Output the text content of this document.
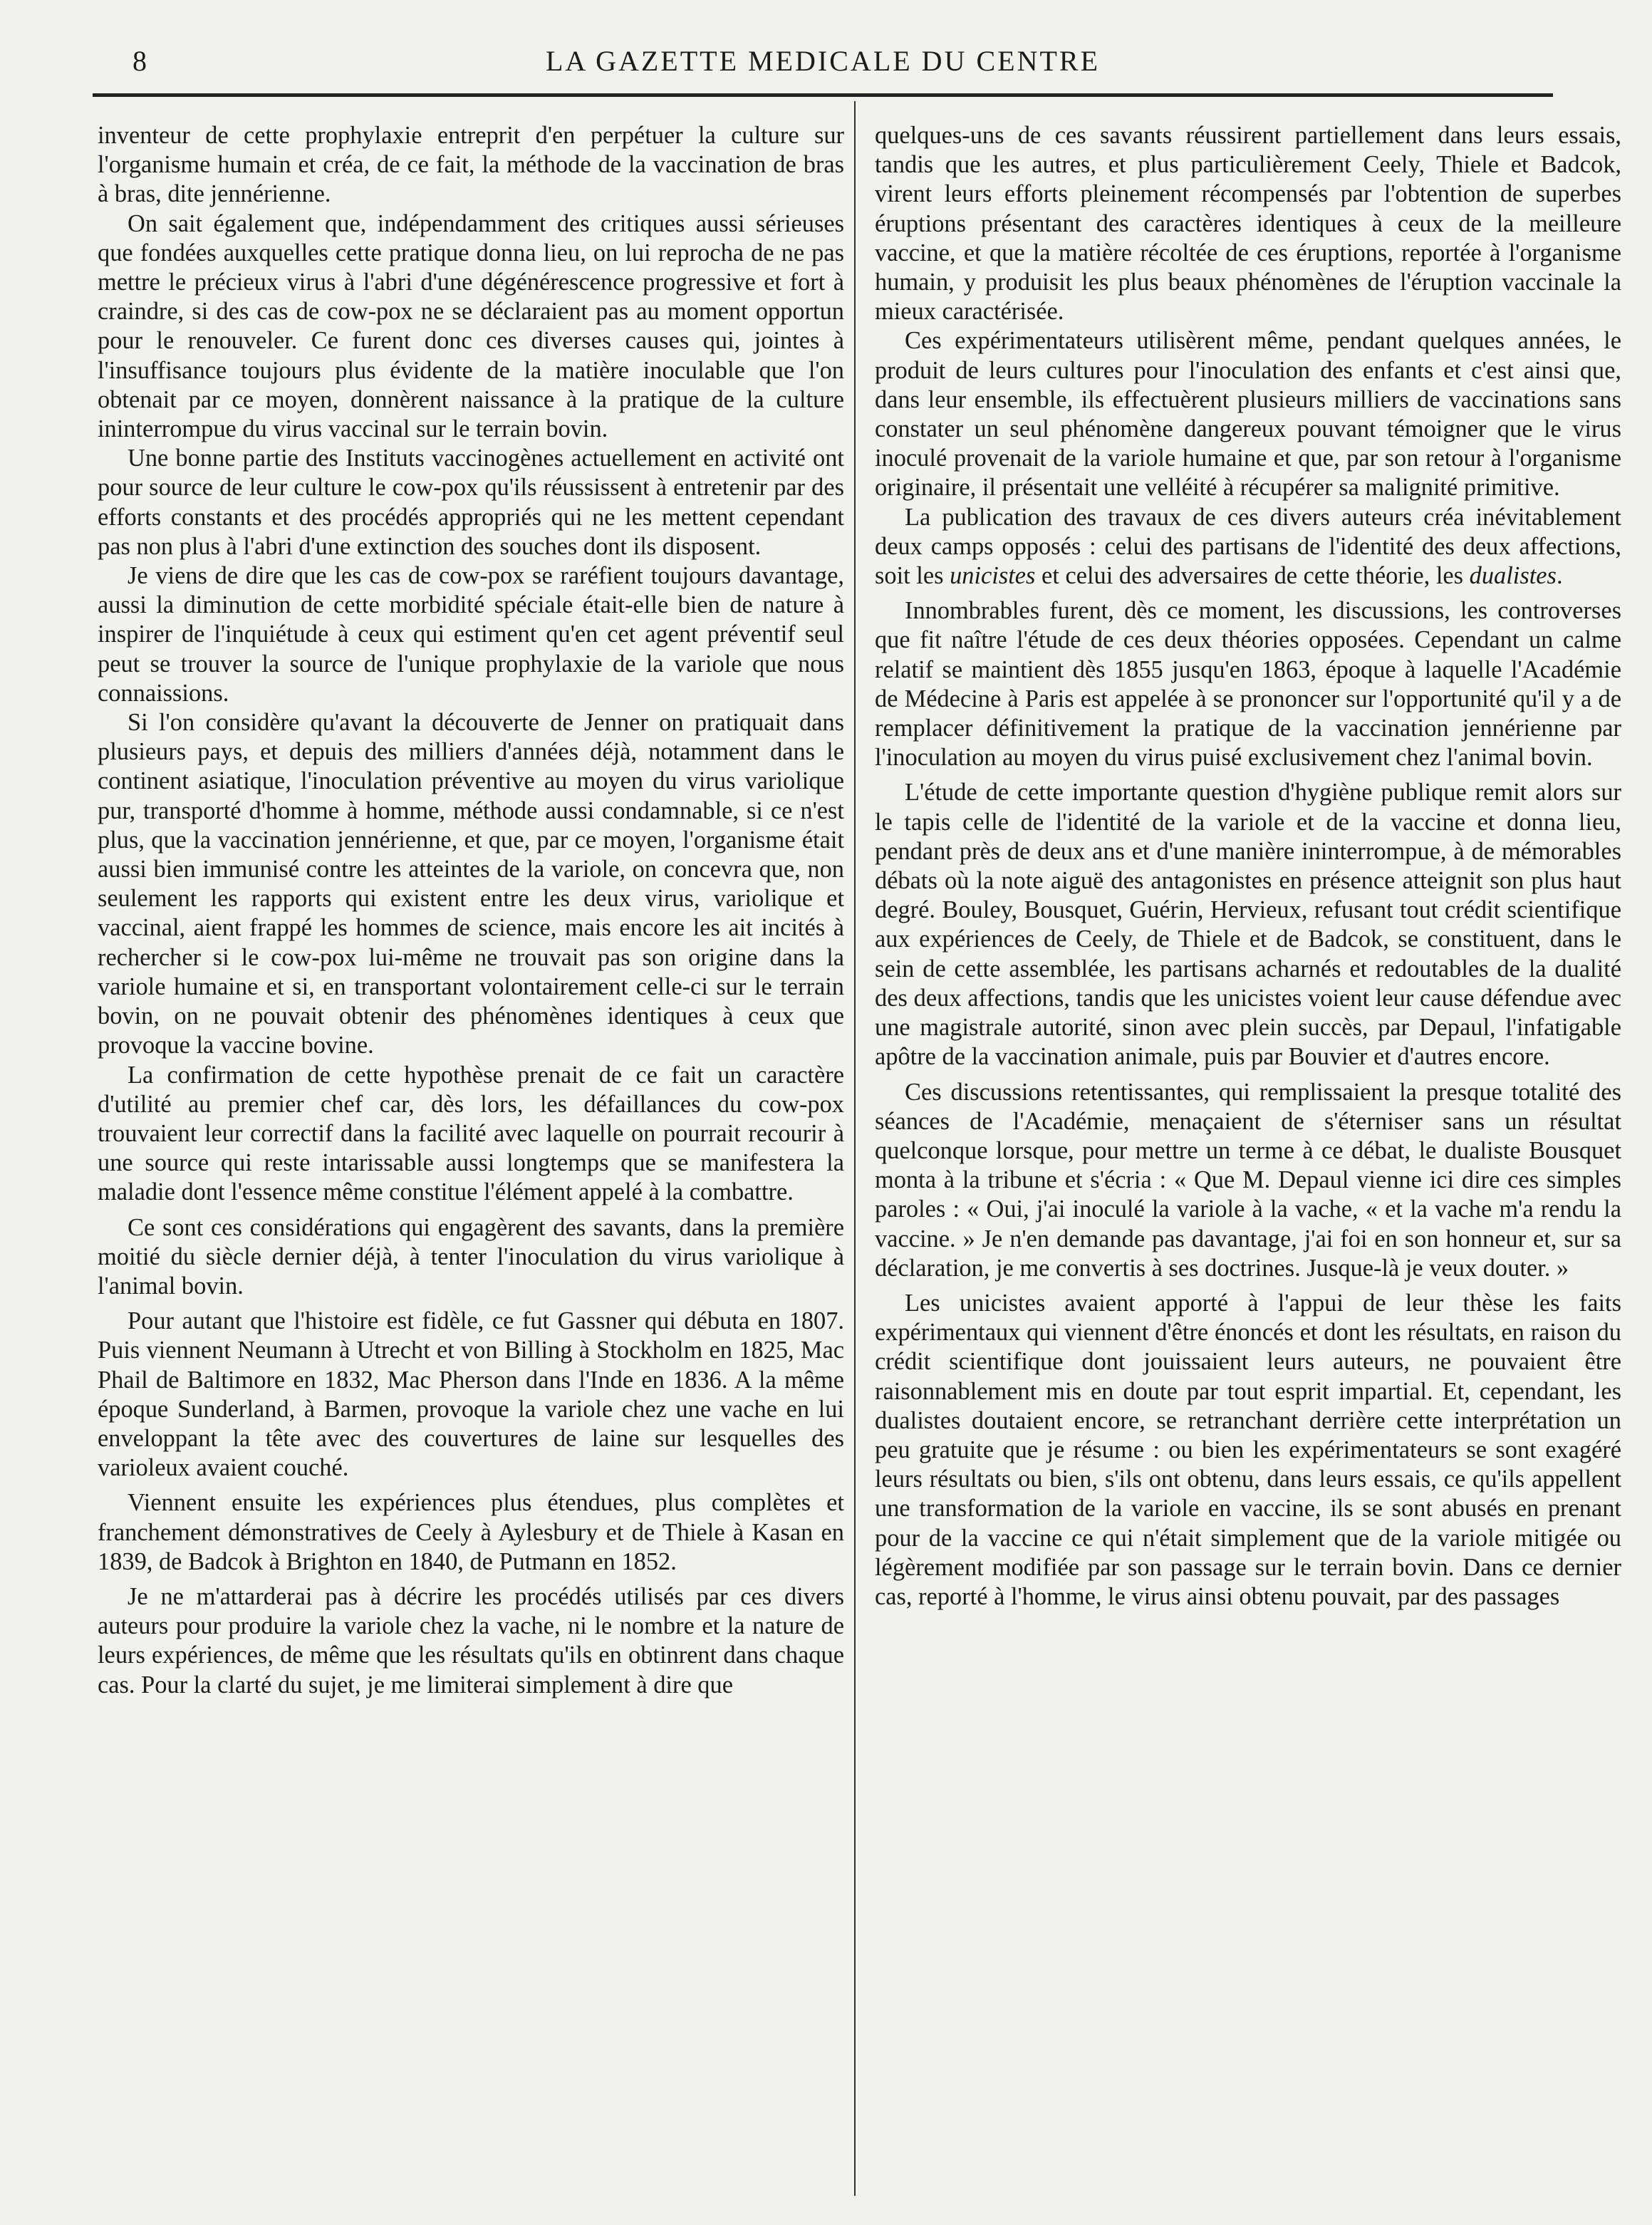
8	LA GAZETTE MEDICALE DU CENTRE

inventeur de cette prophylaxie entreprit d'en perpétuer la culture sur l'organisme humain et créa, de ce fait, la méthode de la vaccination de bras à bras, dite jennérienne.

On sait également que, indépendamment des critiques aussi sérieuses que fondées auxquelles cette pratique donna lieu, on lui reprocha de ne pas mettre le précieux virus à l'abri d'une dégénérescence progressive et fort à craindre, si des cas de cow-pox ne se déclaraient pas au moment opportun pour le renouveler. Ce furent donc ces diverses causes qui, jointes à l'insuffisance toujours plus évidente de la matière inoculable que l'on obtenait par ce moyen, donnèrent naissance à la pratique de la culture ininterrompue du virus vaccinal sur le terrain bovin.

Une bonne partie des Instituts vaccinogènes actuellement en activité ont pour source de leur culture le cow-pox qu'ils réussissent à entretenir par des efforts constants et des procédés appropriés qui ne les mettent cependant pas non plus à l'abri d'une extinction des souches dont ils disposent.

Je viens de dire que les cas de cow-pox se raréfient toujours davantage, aussi la diminution de cette morbidité spéciale était-elle bien de nature à inspirer de l'inquiétude à ceux qui estiment qu'en cet agent préventif seul peut se trouver la source de l'unique prophylaxie de la variole que nous connaissions.

Si l'on considère qu'avant la découverte de Jenner on pratiquait dans plusieurs pays, et depuis des milliers d'années déjà, notamment dans le continent asiatique, l'inoculation préventive au moyen du virus variolique pur, transporté d'homme à homme, méthode aussi condamnable, si ce n'est plus, que la vaccination jennérienne, et que, par ce moyen, l'organisme était aussi bien immunisé contre les atteintes de la variole, on concevra que, non seulement les rapports qui existent entre les deux virus, variolique et vaccinal, aient frappé les hommes de science, mais encore les ait incités à rechercher si le cow-pox lui-même ne trouvait pas son origine dans la variole humaine et si, en transportant volontairement celle-ci sur le terrain bovin, on ne pouvait obtenir des phénomènes identiques à ceux que provoque la vaccine bovine.

La confirmation de cette hypothèse prenait de ce fait un caractère d'utilité au premier chef car, dès lors, les défaillances du cow-pox trouvaient leur correctif dans la facilité avec laquelle on pourrait recourir à une source qui reste intarissable aussi longtemps que se manifestera la maladie dont l'essence même constitue l'élément appelé à la combattre.

Ce sont ces considérations qui engagèrent des savants, dans la première moitié du siècle dernier déjà, à tenter l'inoculation du virus variolique à l'animal bovin.

Pour autant que l'histoire est fidèle, ce fut Gassner qui débuta en 1807. Puis viennent Neumann à Utrecht et von Billing à Stockholm en 1825, Mac Phail de Baltimore en 1832, Mac Pherson dans l'Inde en 1836. A la même époque Sunderland, à Barmen, provoque la variole chez une vache en lui enveloppant la tête avec des couvertures de laine sur lesquelles des varioleux avaient couché.

Viennent ensuite les expériences plus étendues, plus complètes et franchement démonstratives de Ceely à Aylesbury et de Thiele à Kasan en 1839, de Badcok à Brighton en 1840, de Putmann en 1852.

Je ne m'attarderai pas à décrire les procédés utilisés par ces divers auteurs pour produire la variole chez la vache, ni le nombre et la nature de leurs expériences, de même que les résultats qu'ils en obtinrent dans chaque cas. Pour la clarté du sujet, je me limiterai simplement à dire que

quelques-uns de ces savants réussirent partiellement dans leurs essais, tandis que les autres, et plus particulièrement Ceely, Thiele et Badcok, virent leurs efforts pleinement récompensés par l'obtention de superbes éruptions présentant des caractères identiques à ceux de la meilleure vaccine, et que la matière récoltée de ces éruptions, reportée à l'organisme humain, y produisit les plus beaux phénomènes de l'éruption vaccinale la mieux caractérisée.

Ces expérimentateurs utilisèrent même, pendant quelques années, le produit de leurs cultures pour l'inoculation des enfants et c'est ainsi que, dans leur ensemble, ils effectuèrent plusieurs milliers de vaccinations sans constater un seul phénomène dangereux pouvant témoigner que le virus inoculé provenait de la variole humaine et que, par son retour à l'organisme originaire, il présentait une velléité à récupérer sa malignité primitive.

La publication des travaux de ces divers auteurs créa inévitablement deux camps opposés : celui des partisans de l'identité des deux affections, soit les unicistes et celui des adversaires de cette théorie, les dualistes.

Innombrables furent, dès ce moment, les discussions, les controverses que fit naître l'étude de ces deux théories opposées. Cependant un calme relatif se maintient dès 1855 jusqu'en 1863, époque à laquelle l'Académie de Médecine à Paris est appelée à se prononcer sur l'opportunité qu'il y a de remplacer définitivement la pratique de la vaccination jennérienne par l'inoculation au moyen du virus puisé exclusivement chez l'animal bovin.

L'étude de cette importante question d'hygiène publique remit alors sur le tapis celle de l'identité de la variole et de la vaccine et donna lieu, pendant près de deux ans et d'une manière ininterrompue, à de mémorables débats où la note aiguë des antagonistes en présence atteignit son plus haut degré. Bouley, Bousquet, Guérin, Hervieux, refusant tout crédit scientifique aux expériences de Ceely, de Thiele et de Badcok, se constituent, dans le sein de cette assemblée, les partisans acharnés et redoutables de la dualité des deux affections, tandis que les unicistes voient leur cause défendue avec une magistrale autorité, sinon avec plein succès, par Depaul, l'infatigable apôtre de la vaccination animale, puis par Bouvier et d'autres encore.

Ces discussions retentissantes, qui remplissaient la presque totalité des séances de l'Académie, menaçaient de s'éterniser sans un résultat quelconque lorsque, pour mettre un terme à ce débat, le dualiste Bousquet monta à la tribune et s'écria : « Que M. Depaul vienne ici dire ces simples paroles : « Oui, j'ai inoculé la variole à la vache, « et la vache m'a rendu la vaccine. » Je n'en demande pas davantage, j'ai foi en son honneur et, sur sa déclaration, je me convertis à ses doctrines. Jusque-là je veux douter. »

Les unicistes avaient apporté à l'appui de leur thèse les faits expérimentaux qui viennent d'être énoncés et dont les résultats, en raison du crédit scientifique dont jouissaient leurs auteurs, ne pouvaient être raisonnablement mis en doute par tout esprit impartial. Et, cependant, les dualistes doutaient encore, se retranchant derrière cette interprétation un peu gratuite que je résume : ou bien les expérimentateurs se sont exagéré leurs résultats ou bien, s'ils ont obtenu, dans leurs essais, ce qu'ils appellent une transformation de la variole en vaccine, ils se sont abusés en prenant pour de la vaccine ce qui n'était simplement que de la variole mitigée ou légèrement modifiée par son passage sur le terrain bovin. Dans ce dernier cas, reporté à l'homme, le virus ainsi obtenu pouvait, par des passages
